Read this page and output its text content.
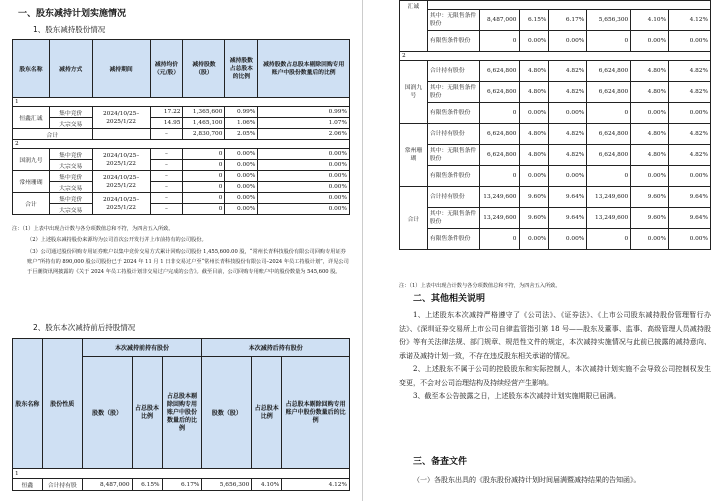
一、股东减持计划实施情况
1、股东减持股份情况
股东名称	减持方式	减持期间	减持均价（元/股）	减持股数（股）	减持股数占总股本的比例	减持股数占总股本剔除回购专用账户中股份数量后的比例
1						
恒鑫汇诚	集中竞价	2024/10/25–2025/1/22	17.22	1,365,600	0.99%	0.99%
	大宗交易		14.95	1,465,100	1.06%	1.07%
合计			–	2,830,700	2.05%	2.06%
2						
国润九号	集中竞价	2024/10/25–2025/1/22	–	0	0.00%	0.00%
	大宗交易		–	0	0.00%	0.00%
常州珊瑚	集中竞价	2024/10/25–2025/1/22	–	0	0.00%	0.00%
	大宗交易		–	0	0.00%	0.00%
合计	集中竞价	2024/10/25–2025/1/22	–	0	0.00%	0.00%
	大宗交易		–	0	0.00%	0.00%

注：（1）上表中出现合计数与各分项数值总和不符，为四舍五入所致。

（2）上述股东减持股份来源均为公司首次公开发行并上市前持有的公司股份。

（3）公司通过股份回购专用证券账户以集中竞价交易方式累计回购公司股份 1,455,600.00 股，“常州长青科技股份有限公司回购专用证券账户”所持有的 890,000 股公司股份已于 2024 年 11 月 1 日非交易过户至“常州长青科技股份有限公司–2024 年员工持股计划”，详见公司于巨潮资讯网披露的《关于 2024 年员工持股计划非交易过户完成的公告》。截至目前，公司回购专用账户中的股份数量为 545,600 股。

2、股东本次减持前后持股情况
股东名称	股份性质	本次减持前持有股份			本次减持后持有股份		
		股数（股）	占总股本比例	占总股本剔除回购专用账户中股份数量后的比例	股数（股）	占总股本比例	占总股本剔除回购专用账户中股份数量后的比例
1							
恒鑫	合计持有股	8,487,000	6.15%	6.17%	5,656,300	4.10%	4.12%
汇诚							
	其中：无限售条件股份	8,487,000	6.15%	6.17%	5,656,300	4.10%	4.12%
	有限售条件股份	0	0.00%	0.00%	0	0.00%	0.00%
2							
国润九号	合计持有股份	6,624,800	4.80%	4.82%	6,624,800	4.80%	4.82%
	其中：无限售条件股份	6,624,800	4.80%	4.82%	6,624,800	4.80%	4.82%
	有限售条件股份	0	0.00%	0.00%	0	0.00%	0.00%
常州珊瑚	合计持有股份	6,624,800	4.80%	4.82%	6,624,800	4.80%	4.82%
	其中：无限售条件股份	6,624,800	4.80%	4.82%	6,624,800	4.80%	4.82%
	有限售条件股份	0	0.00%	0.00%	0	0.00%	0.00%
合计	合计持有股份	13,249,600	9.60%	9.64%	13,249,600	9.60%	9.64%
	其中：无限售条件股份	13,249,600	9.60%	9.64%	13,249,600	9.60%	9.64%
	有限售条件股份	0	0.00%	0.00%	0	0.00%	0.00%

注：（1）上表中出现合计数与各分项数值总和不符，为四舍五入所致。

二、其他相关说明

1、上述股东本次减持严格遵守了《公司法》、《证券法》、《上市公司股东减持股份管理暂行办法》、《深圳证券交易所上市公司自律监管指引第 18 号——股东及董事、监事、高级管理人员减持股份》等有关法律法规、部门规章、规范性文件的规定，本次减持实施情况与此前已披露的减持意向、承诺及减持计划一致，不存在违反股东相关承诺的情况。

2、上述股东不属于公司的控股股东和实际控制人，本次减持计划实施不会导致公司控制权发生变更，不会对公司治理结构及持续经营产生影响。

3、截至本公告披露之日，上述股东本次减持计划实施期限已届满。

三、备查文件

（一）各股东出具的《股东股份减持计划时间届满暨减持结果的告知函》。
